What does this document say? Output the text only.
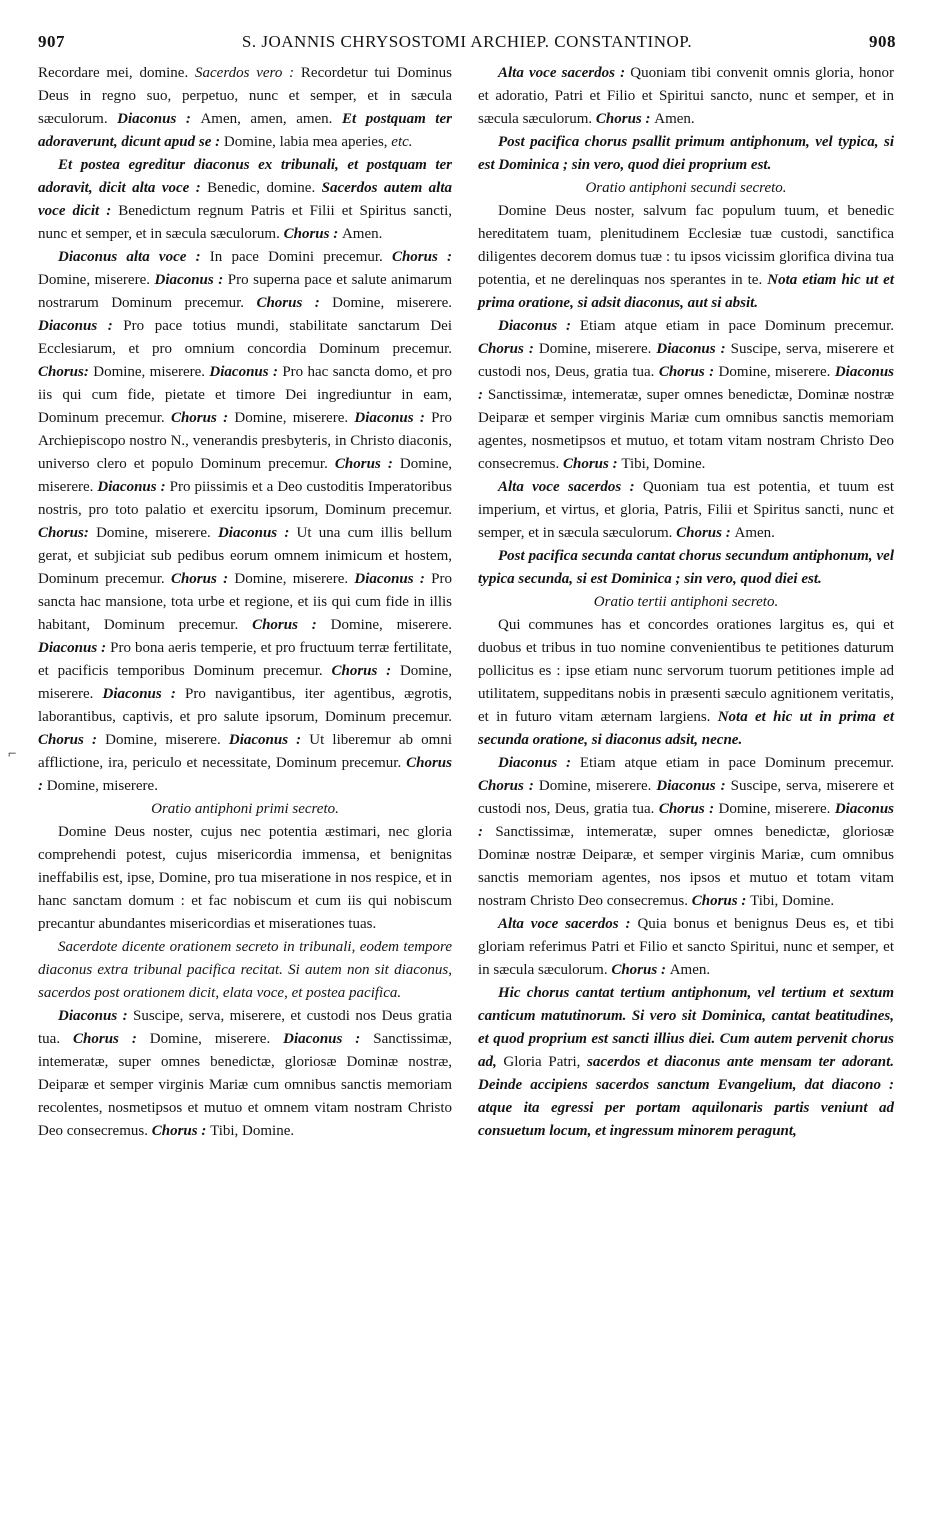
907	S. JOANNIS CHRYSOSTOMI ARCHIEP. CONSTANTINOP.	908
⌐

Recordare mei, domine. Sacerdos vero : Recordetur tui Dominus Deus in regno suo, perpetuo, nunc et semper, et in sæcula sæculorum. Diaconus : Amen, amen, amen. Et postquam ter adoraverunt, dicunt apud se : Domine, labia mea aperies, etc.

Et postea egreditur diaconus ex tribunali, et postquam ter adoravit, dicit alta voce : Benedic, domine. Sacerdos autem alta voce dicit : Benedictum regnum Patris et Filii et Spiritus sancti, nunc et semper, et in sæcula sæculorum. Chorus : Amen.

Diaconus alta voce : In pace Domini precemur. Chorus : Domine, miserere. Diaconus : Pro superna pace et salute animarum nostrarum Dominum precemur. Chorus : Domine, miserere. Diaconus : Pro pace totius mundi, stabilitate sanctarum Dei Ecclesiarum, et pro omnium concordia Dominum precemur. Chorus: Domine, miserere. Diaconus : Pro hac sancta domo, et pro iis qui cum fide, pietate et timore Dei ingrediuntur in eam, Dominum precemur. Chorus : Domine, miserere. Diaconus : Pro Archiepiscopo nostro N., venerandis presbyteris, in Christo diaconis, universo clero et populo Dominum precemur. Chorus : Domine, miserere. Diaconus : Pro piissimis et a Deo custoditis Imperatoribus nostris, pro toto palatio et exercitu ipsorum, Dominum precemur. Chorus: Domine, miserere. Diaconus : Ut una cum illis bellum gerat, et subjiciat sub pedibus eorum omnem inimicum et hostem, Dominum precemur. Chorus : Domine, miserere. Diaconus : Pro sancta hac mansione, tota urbe et regione, et iis qui cum fide in illis habitant, Dominum precemur. Chorus : Domine, miserere. Diaconus : Pro bona aeris temperie, et pro fructuum terræ fertilitate, et pacificis temporibus Dominum precemur. Chorus : Domine, miserere. Diaconus : Pro navigantibus, iter agentibus, ægrotis, laborantibus, captivis, et pro salute ipsorum, Dominum precemur. Chorus : Domine, miserere. Diaconus : Ut liberemur ab omni afflictione, ira, periculo et necessitate, Dominum precemur. Chorus : Domine, miserere.

Oratio antiphoni primi secreto.

Domine Deus noster, cujus nec potentia æstimari, nec gloria comprehendi potest, cujus misericordia immensa, et benignitas ineffabilis est, ipse, Domine, pro tua miseratione in nos respice, et in hanc sanctam domum : et fac nobiscum et cum iis qui nobiscum precantur abundantes misericordias et miserationes tuas.

Sacerdote dicente orationem secreto in tribunali, eodem tempore diaconus extra tribunal pacifica recitat. Si autem non sit diaconus, sacerdos post orationem dicit, elata voce, et postea pacifica.

Diaconus : Suscipe, serva, miserere, et custodi nos Deus gratia tua. Chorus : Domine, miserere. Diaconus : Sanctissimæ, intemeratæ, super omnes benedictæ, gloriosæ Dominæ nostræ, Deiparæ et semper virginis Mariæ cum omnibus sanctis memoriam recolentes, nosmetipsos et mutuo et omnem vitam nostram Christo Deo consecremus. Chorus : Tibi, Domine.

Alta voce sacerdos : Quoniam tibi convenit omnis gloria, honor et adoratio, Patri et Filio et Spiritui sancto, nunc et semper, et in sæcula sæculorum. Chorus : Amen.

Post pacifica chorus psallit primum antiphonum, vel typica, si est Dominica ; sin vero, quod diei proprium est.

Oratio antiphoni secundi secreto.

Domine Deus noster, salvum fac populum tuum, et benedic hereditatem tuam, plenitudinem Ecclesiæ tuæ custodi, sanctifica diligentes decorem domus tuæ : tu ipsos vicissim glorifica divina tua potentia, et ne derelinquas nos sperantes in te. Nota etiam hic ut et prima oratione, si adsit diaconus, aut si absit.

Diaconus : Etiam atque etiam in pace Dominum precemur. Chorus : Domine, miserere. Diaconus : Suscipe, serva, miserere et custodi nos, Deus, gratia tua. Chorus : Domine, miserere. Diaconus : Sanctissimæ, intemeratæ, super omnes benedictæ, Dominæ nostræ Deiparæ et semper virginis Mariæ cum omnibus sanctis memoriam agentes, nosmetipsos et mutuo, et totam vitam nostram Christo Deo consecremus. Chorus : Tibi, Domine.

Alta voce sacerdos : Quoniam tua est potentia, et tuum est imperium, et virtus, et gloria, Patris, Filii et Spiritus sancti, nunc et semper, et in sæcula sæculorum. Chorus : Amen.

Post pacifica secunda cantat chorus secundum antiphonum, vel typica secunda, si est Dominica ; sin vero, quod diei est.

Oratio tertii antiphoni secreto.

Qui communes has et concordes orationes largitus es, qui et duobus et tribus in tuo nomine convenientibus te petitiones daturum pollicitus es : ipse etiam nunc servorum tuorum petitiones imple ad utilitatem, suppeditans nobis in præsenti sæculo agnitionem veritatis, et in futuro vitam æternam largiens. Nota et hic ut in prima et secunda oratione, si diaconus adsit, necne.

Diaconus : Etiam atque etiam in pace Dominum precemur. Chorus : Domine, miserere. Diaconus : Suscipe, serva, miserere et custodi nos, Deus, gratia tua. Chorus : Domine, miserere. Diaconus : Sanctissimæ, intemeratæ, super omnes benedictæ, gloriosæ Dominæ nostræ Deiparæ, et semper virginis Mariæ, cum omnibus sanctis memoriam agentes, nos ipsos et mutuo et totam vitam nostram Christo Deo consecremus. Chorus : Tibi, Domine.

Alta voce sacerdos : Quia bonus et benignus Deus es, et tibi gloriam referimus Patri et Filio et sancto Spiritui, nunc et semper, et in sæcula sæculorum. Chorus : Amen.

Hic chorus cantat tertium antiphonum, vel tertium et sextum canticum matutinorum. Si vero sit Dominica, cantat beatitudines, et quod proprium est sancti illius diei. Cum autem pervenit chorus ad, Gloria Patri, sacerdos et diaconus ante mensam ter adorant. Deinde accipiens sacerdos sanctum Evangelium, dat diacono : atque ita egressi per portam aquilonaris partis veniunt ad consuetum locum, et ingressum minorem peragunt,
